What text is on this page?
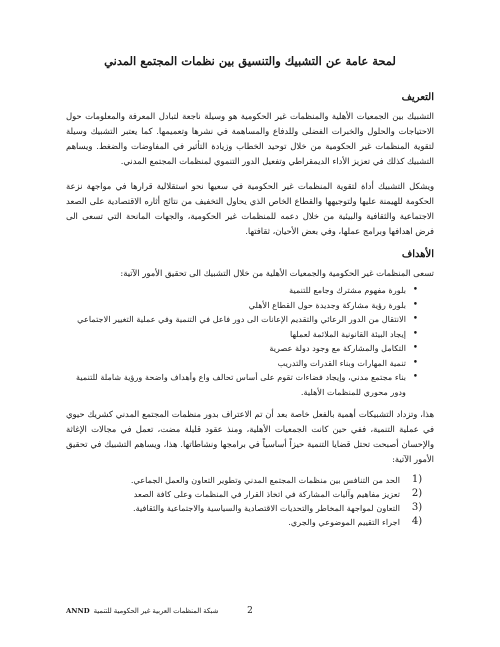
لمحة عامة عن التشبيك والتنسيق بين نظمات المجتمع المدني
التعريف

التشبيك بين الجمعيات الأهلية والمنظمات غير الحكومية هو وسيلة ناجعة لتبادل المعرفة والمعلومات حول الاحتياجات والحلول والخبرات الفضلى وللدفاع والمساهمة في نشرها وتعميمها. كما يعتبر التشبيك وسيلة لتقوية المنظمات غير الحكومية من خلال توحيد الخطاب وزيادة التأثير في المفاوضات والضغط. ويساهم التشبيك كذلك في تعزيز الأداء الديمقراطي وتفعيل الدور التنموي لمنظمات المجتمع المدني.

ويشكل التشبيك أداة لتقوية المنظمات غير الحكومية في سعيها نحو استقلالية قرارها في مواجهة نزعة الحكومة للهيمنة عليها ولتوجيهها والقطاع الخاص الذي يحاول التخفيف من نتائج أثاره الاقتصادية على الصعد الاجتماعية والثقافية والبيئية من خلال دعمه للمنظمات غير الحكومية، والجهات المانحة التي تسعى الى فرض اهدافها وبرامج عملها، وفي بعض الأحيان، ثقافتها.

الأهداف

تسعى المنظمات غير الحكومية والجمعيات الأهلية من خلال التشبيك الى تحقيق الأمور الآتية:

• بلورة مفهوم مشترك وجامع للتنمية
• بلورة رؤية مشاركة وجديدة حول القطاع الأهلي
• الانتقال من الدور الرعائي والتقديم الإعانات الى دور فاعل في التنمية وفي عملية التغيير الاجتماعي
• إيجاد البيئة القانونية الملائمة لعملها
• التكامل والمشاركة مع وجود دولة عصرية
• تنمية المهارات وبناء القدرات والتدريب
• بناء مجتمع مدني، وإيجاد فضاءات تقوم على أساس تحالف واع وأهداف واضحة ورؤية شاملة للتنمية ودور محوري للمنظمات الأهلية.

هذا، وتزداد التشبيكات أهمية بالفعل خاصة بعد أن تم الاعتراف بدور منظمات المجتمع المدني كشريك حيوي في عملية التنمية، ففي حين كانت الجمعيات الأهلية، ومنذ عقود قليلة مضت، تعمل في مجالات الإغاثة والإحسان أصبحت تحتل قضايا التنمية حيزاً أساسياً في برامجها ونشاطاتها. هذا، ويساهم التشبيك في تحقيق الأمور الآتية:

(1
الحد من التنافس بين منظمات المجتمع المدني وتطوير التعاون والعمل الجماعي.
(2
تعزيز مفاهيم وآليات المشاركة في اتخاذ القرار في المنظمات وعلى كافة الصعد
(3
التعاون لمواجهة المخاطر والتحديات الاقتصادية والسياسية والاجتماعية والثقافية.
(4
اجراء التقييم الموضوعي والجري.
ANND شبكة المنظمات العربية غير الحكومية للتنمية	2
